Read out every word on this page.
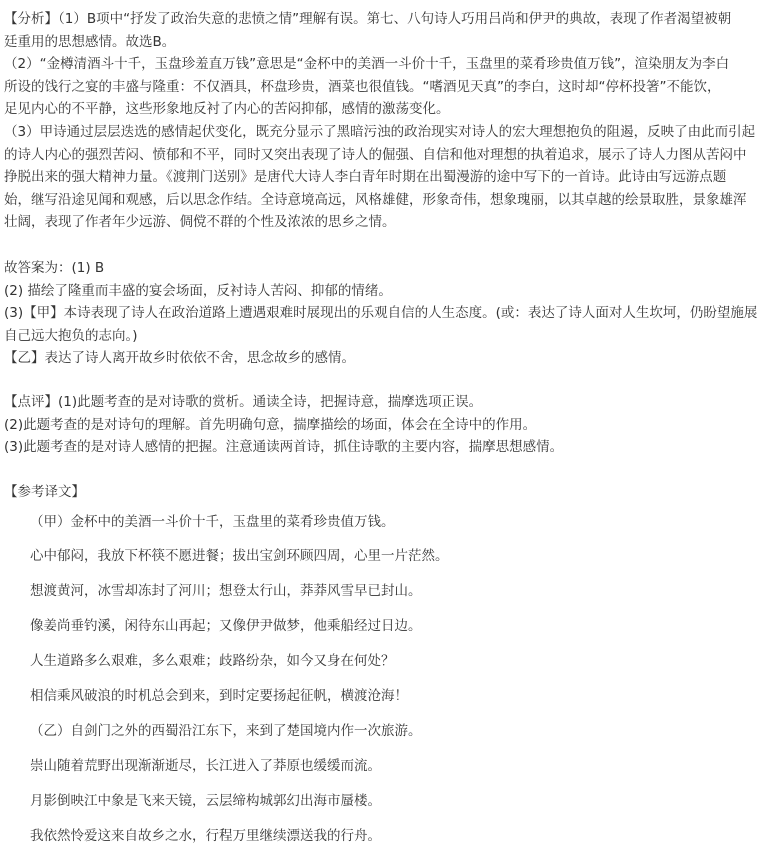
【分析】（1）B项中“抒发了政治失意的悲愤之情”理解有误。第七、八句诗人巧用吕尚和伊尹的典故，表现了作者渴望被朝
廷重用的思想感情。故选B。
（2）“金樽清酒斗十千，玉盘珍羞直万钱”意思是“金杯中的美酒一斗价十千，玉盘里的菜肴珍贵值万钱”，渲染朋友为李白
所设的饯行之宴的丰盛与隆重：不仅酒具，杯盘珍贵，酒菜也很值钱。“嗜酒见天真”的李白，这时却“停杯投箸”不能饮，
足见内心的不平静，这些形象地反衬了内心的苦闷抑郁，感情的激荡变化。
（3）甲诗通过层层迭选的感情起伏变化，既充分显示了黑暗污浊的政治现实对诗人的宏大理想抱负的阻遏，反映了由此而引起
的诗人内心的强烈苦闷、愤郁和不平，同时又突出表现了诗人的倔强、自信和他对理想的执着追求，展示了诗人力图从苦闷中
挣脱出来的强大精神力量。《渡荆门送别》是唐代大诗人李白青年时期在出蜀漫游的途中写下的一首诗。此诗由写远游点题
始，继写沿途见闻和观感，后以思念作结。全诗意境高远，风格雄健，形象奇伟，想象瑰丽，以其卓越的绘景取胜，景象雄浑
壮阔，表现了作者年少远游、倜傥不群的个性及浓浓的思乡之情。
故答案为：(1) B
(2) 描绘了隆重而丰盛的宴会场面，反衬诗人苦闷、抑郁的情绪。
(3)【甲】本诗表现了诗人在政治道路上遭遇艰难时展现出的乐观自信的人生态度。(或：表达了诗人面对人生坎坷，仍盼望施展
自己远大抱负的志向。)
【乙】表达了诗人离开故乡时依依不舍，思念故乡的感情。
【点评】(1)此题考查的是对诗歌的赏析。通读全诗，把握诗意，揣摩选项正误。
(2)此题考查的是对诗句的理解。首先明确句意，揣摩描绘的场面，体会在全诗中的作用。
(3)此题考查的是对诗人感情的把握。注意通读两首诗，抓住诗歌的主要内容，揣摩思想感情。
【参考译文】
（甲）金杯中的美酒一斗价十千，玉盘里的菜肴珍贵值万钱。
心中郁闷，我放下杯筷不愿进餐；拔出宝剑环顾四周，心里一片茫然。
想渡黄河，冰雪却冻封了河川；想登太行山，莽莽风雪早已封山。
像姜尚垂钓溪，闲待东山再起；又像伊尹做梦，他乘船经过日边。
人生道路多么艰难，多么艰难；歧路纷杂，如今又身在何处？
相信乘风破浪的时机总会到来，到时定要扬起征帆，横渡沧海！
（乙）自剑门之外的西蜀沿江东下，来到了楚国境内作一次旅游。
崇山随着荒野出现渐渐逝尽，长江进入了莽原也缓缓而流。
月影倒映江中象是飞来天镜，云层缔构城郭幻出海市蜃楼。
我依然怜爱这来自故乡之水，行程万里继续漂送我的行舟。
